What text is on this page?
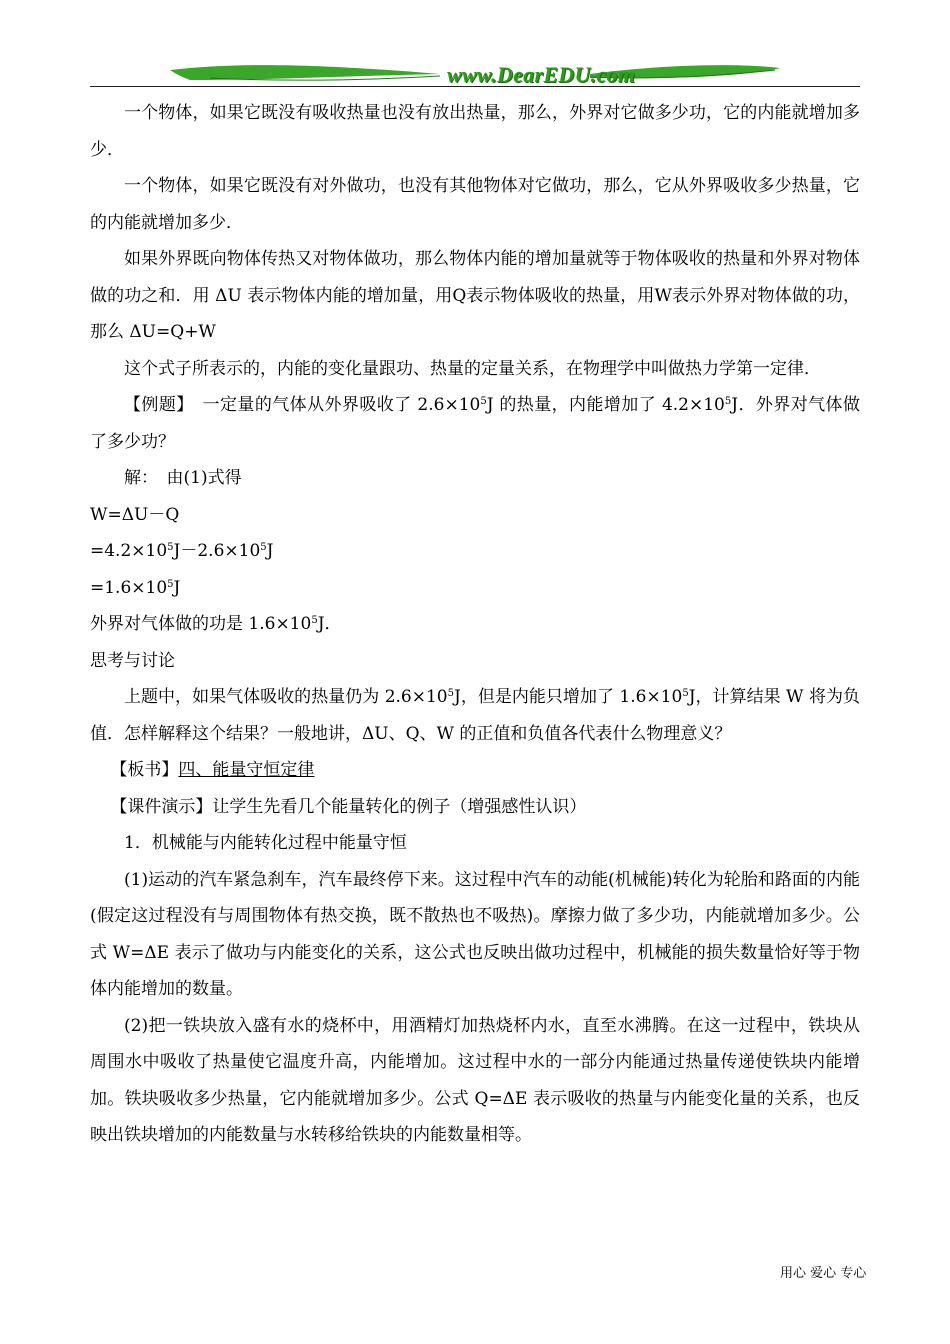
www.DearEDU.com

一个物体，如果它既没有吸收热量也没有放出热量，那么，外界对它做多少功，它的内能就增加多少．

一个物体，如果它既没有对外做功，也没有其他物体对它做功，那么，它从外界吸收多少热量，它的内能就增加多少．

如果外界既向物体传热又对物体做功，那么物体内能的增加量就等于物体吸收的热量和外界对物体做的功之和．用 ΔU 表示物体内能的增加量，用Q表示物体吸收的热量，用W表示外界对物体做的功，那么 ΔU=Q+W

这个式子所表示的，内能的变化量跟功、热量的定量关系，在物理学中叫做热力学第一定律．

【例题】　一定量的气体从外界吸收了 $2.6\times 10^5J$ 的热量，内能增加了 $4.2\times 10^5J$．外界对气体做了多少功？

解：　由(1)式得

W=ΔU－Q

$=4.2\times 10^5J-2.6\times 10^5J$

$=1.6\times 10^5J$

外界对气体做的功是 $1.6\times 10^5J$．

思考与讨论

上题中，如果气体吸收的热量仍为 $2.6\times 10^5J$，但是内能只增加了 $1.6\times 10^5J$，计算结果 W 将为负值．怎样解释这个结果？一般地讲，ΔU、Q、W 的正值和负值各代表什么物理意义？

【板书】四、能量守恒定律

【课件演示】让学生先看几个能量转化的例子（增强感性认识）

1．机械能与内能转化过程中能量守恒

(1)运动的汽车紧急刹车，汽车最终停下来。这过程中汽车的动能(机械能)转化为轮胎和路面的内能(假定这过程没有与周围物体有热交换，既不散热也不吸热)。摩擦力做了多少功，内能就增加多少。公式 W=ΔE 表示了做功与内能变化的关系，这公式也反映出做功过程中，机械能的损失数量恰好等于物体内能增加的数量。

(2)把一铁块放入盛有水的烧杯中，用酒精灯加热烧杯内水，直至水沸腾。在这一过程中，铁块从周围水中吸收了热量使它温度升高，内能增加。这过程中水的一部分内能通过热量传递使铁块内能增加。铁块吸收多少热量，它内能就增加多少。公式 Q=ΔE 表示吸收的热量与内能变化量的关系，也反映出铁块增加的内能数量与水转移给铁块的内能数量相等。

用心 爱心 专心
